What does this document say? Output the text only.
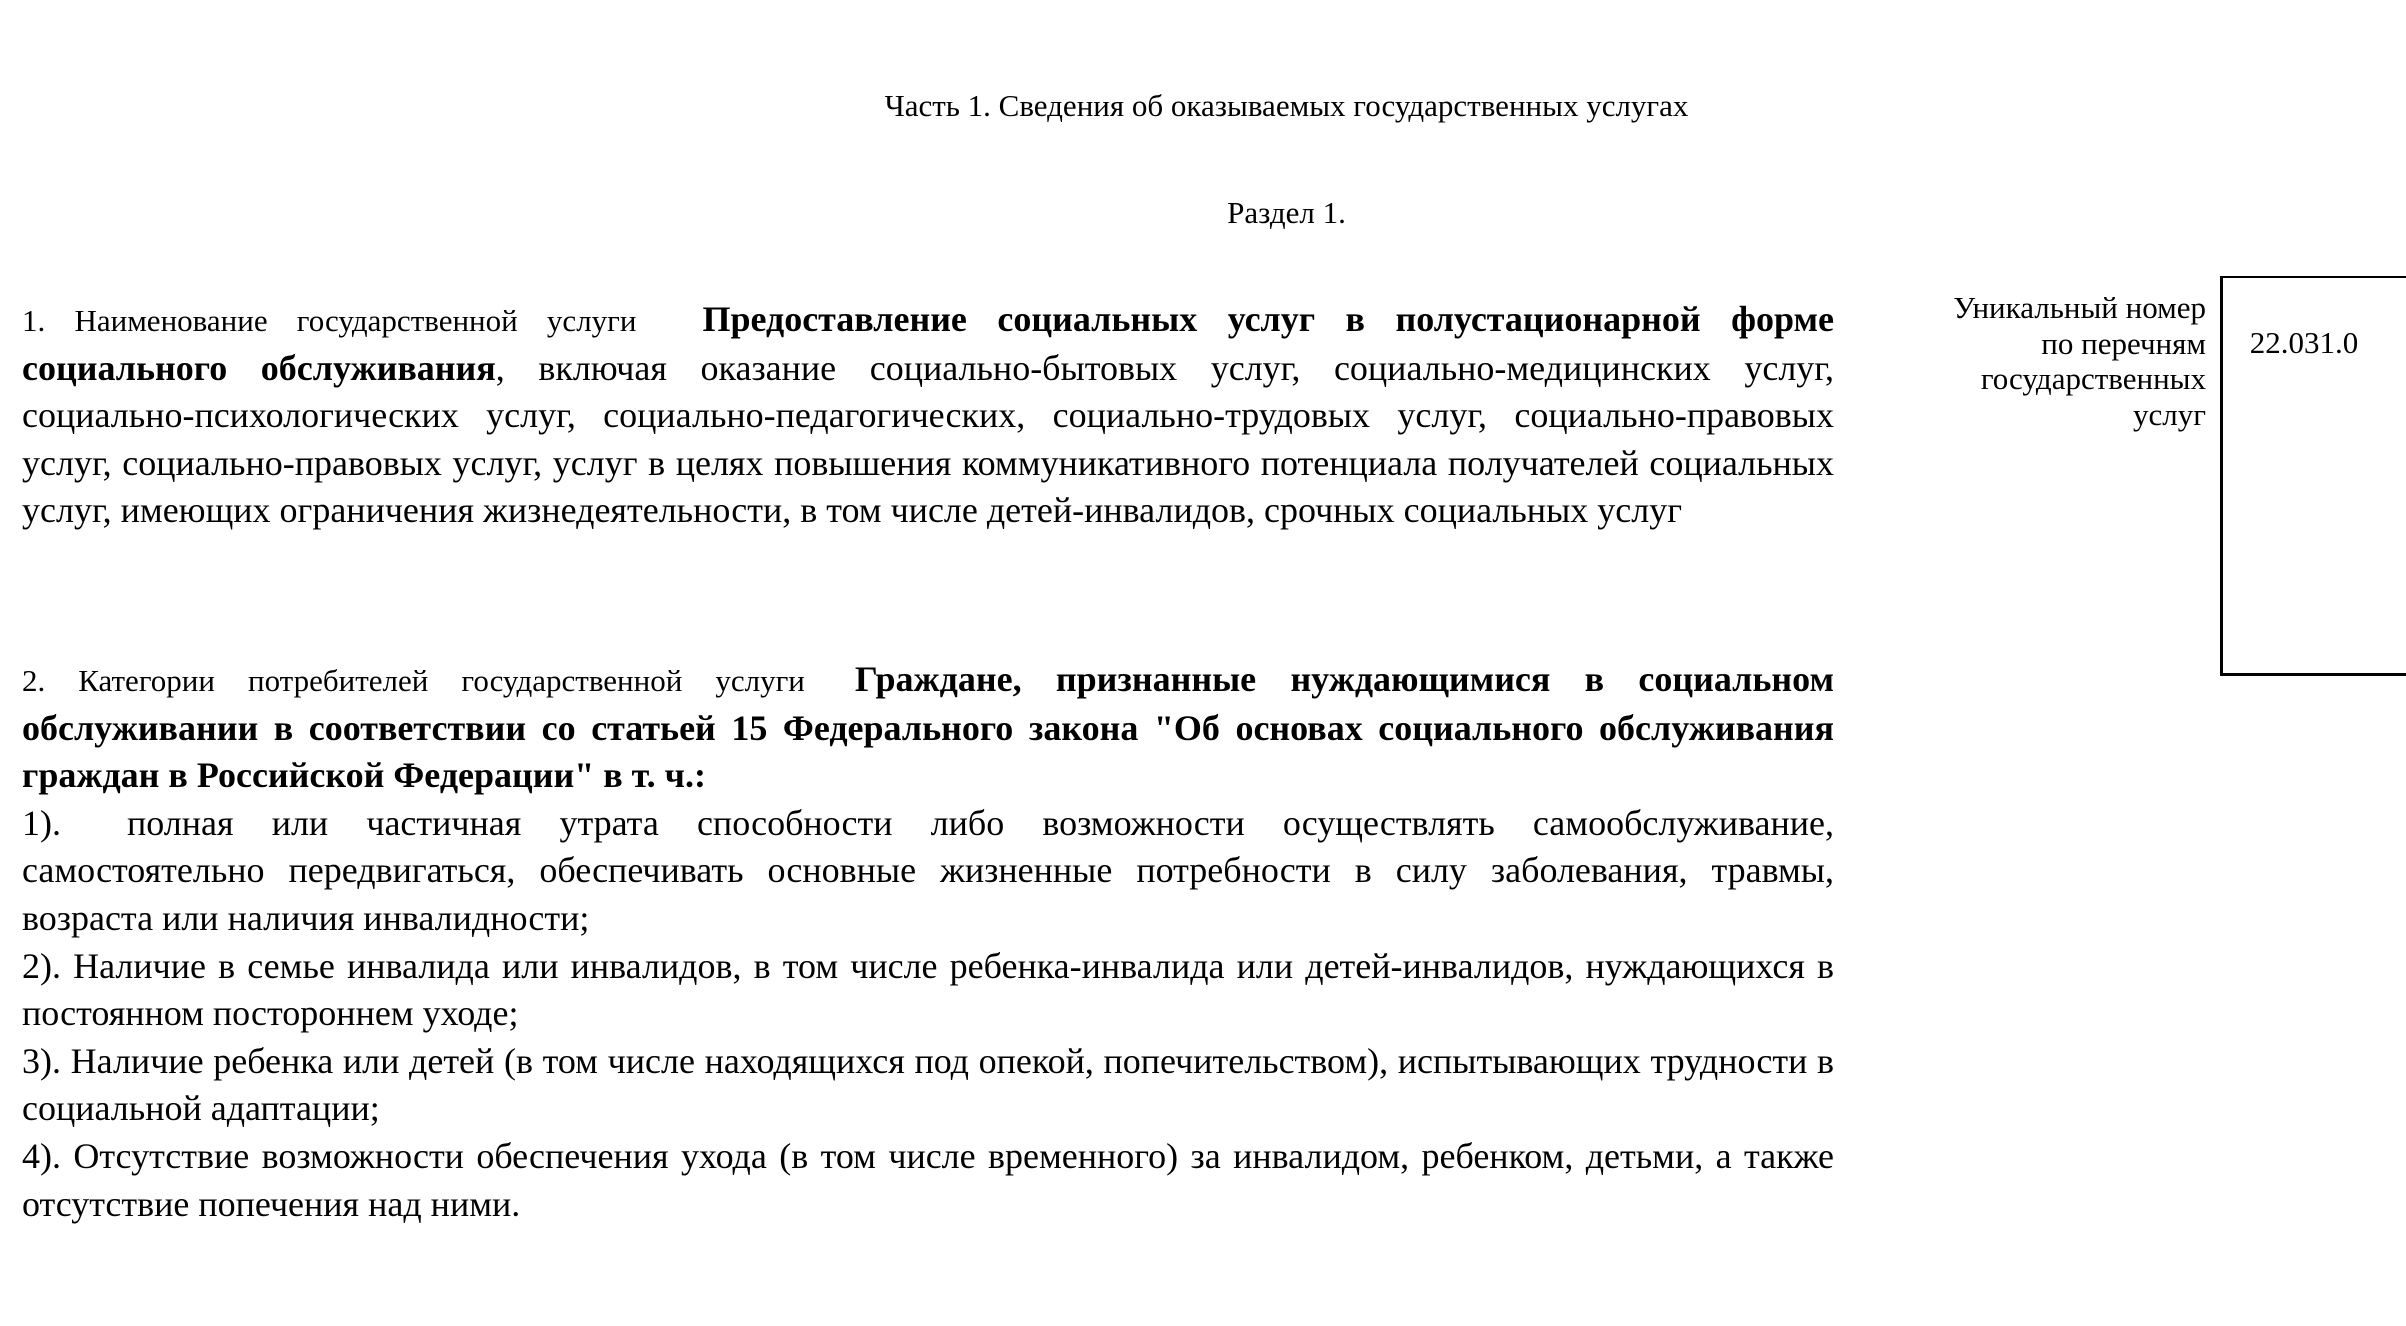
Часть 1. Сведения об оказываемых государственных услугах
Раздел 1.

1. Наименование государственной услуги Предоставление социальных услуг в полустационарной форме социального обслуживания, включая оказание социально-бытовых услуг, социально-медицинских услуг, социально-психологических услуг, социально-педагогических, социально-трудовых услуг, социально-правовых услуг, социально-правовых услуг, услуг в целях повышения коммуникативного потенциала получателей социальных услуг, имеющих ограничения жизнедеятельности, в том числе детей-инвалидов, срочных социальных услуг

2. Категории потребителей государственной услуги Граждане, признанные нуждающимися в социальном обслуживании в соответствии со статьей 15 Федерального закона "Об основах социального обслуживания граждан в Российской Федерации" в т. ч.:

1). полная или частичная утрата способности либо возможности осуществлять самообслуживание, самостоятельно передвигаться, обеспечивать основные жизненные потребности в силу заболевания, травмы, возраста или наличия инвалидности;

2). Наличие в семье инвалида или инвалидов, в том числе ребенка-инвалида или детей-инвалидов, нуждающихся в постоянном постороннем уходе;

3). Наличие ребенка или детей (в том числе находящихся под опекой, попечительством), испытывающих трудности в социальной адаптации;

4). Отсутствие возможности обеспечения ухода (в том числе временного) за инвалидом, ребенком, детьми, а также отсутствие попечения над ними.

Уникальный номер
по перечням
государственных
услуг
22.031.0
